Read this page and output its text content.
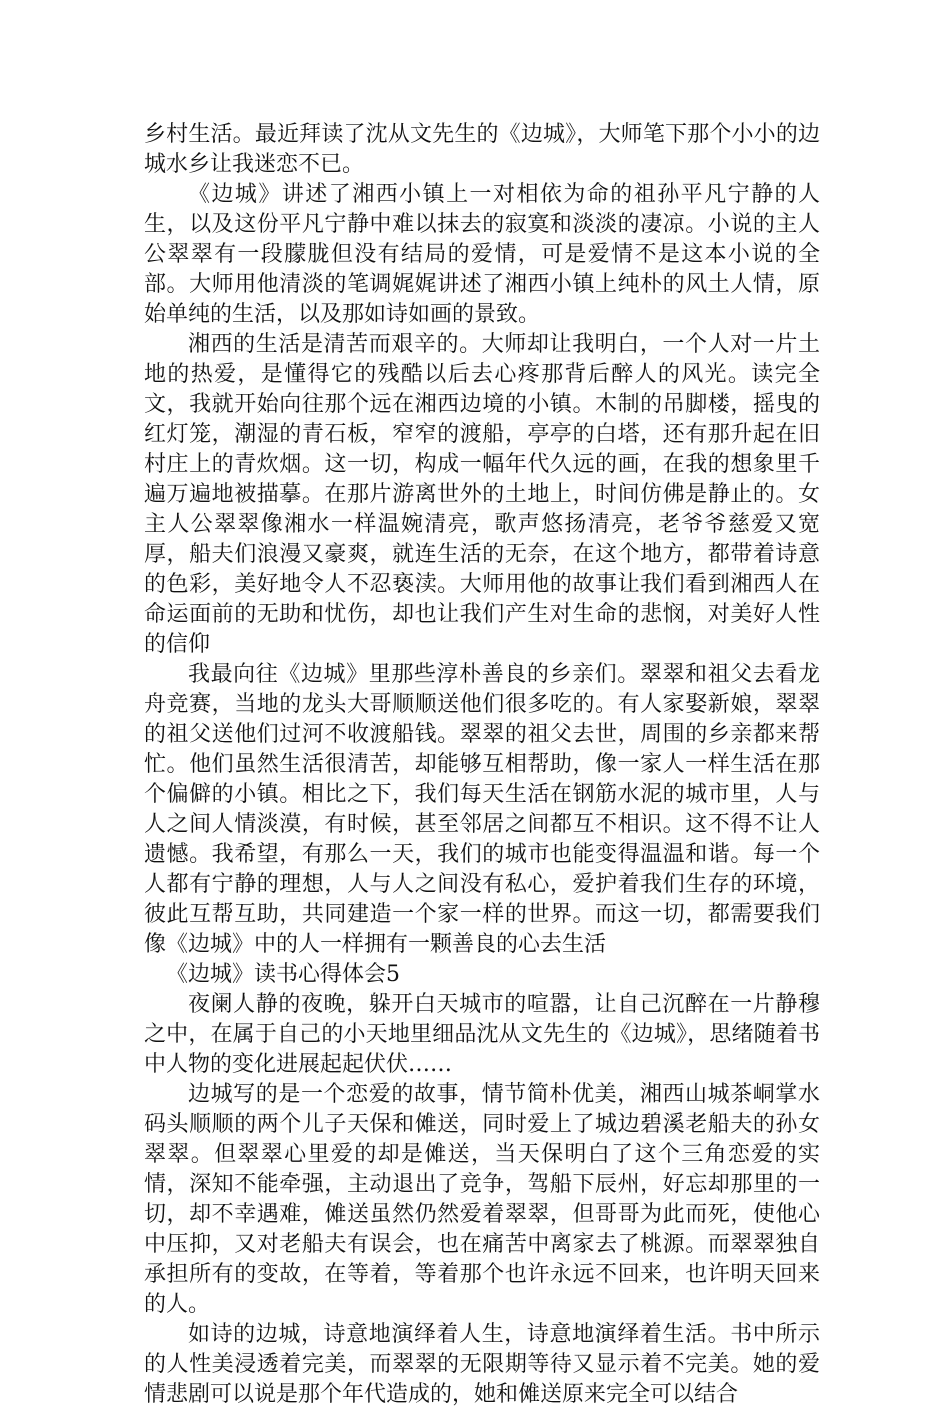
乡村生活。最近拜读了沈从文先生的《边城》，大师笔下那个小小的边城水乡让我迷恋不已。

《边城》讲述了湘西小镇上一对相依为命的祖孙平凡宁静的人生，以及这份平凡宁静中难以抹去的寂寞和淡淡的凄凉。小说的主人公翠翠有一段朦胧但没有结局的爱情，可是爱情不是这本小说的全部。大师用他清淡的笔调娓娓讲述了湘西小镇上纯朴的风土人情，原始单纯的生活，以及那如诗如画的景致。

湘西的生活是清苦而艰辛的。大师却让我明白，一个人对一片土地的热爱，是懂得它的残酷以后去心疼那背后醉人的风光。读完全文，我就开始向往那个远在湘西边境的小镇。木制的吊脚楼，摇曳的红灯笼，潮湿的青石板，窄窄的渡船，亭亭的白塔，还有那升起在旧村庄上的青炊烟。这一切，构成一幅年代久远的画，在我的想象里千遍万遍地被描摹。在那片游离世外的土地上，时间仿佛是静止的。女主人公翠翠像湘水一样温婉清亮，歌声悠扬清亮，老爷爷慈爱又宽厚，船夫们浪漫又豪爽，就连生活的无奈，在这个地方，都带着诗意的色彩，美好地令人不忍亵渎。大师用他的故事让我们看到湘西人在命运面前的无助和忧伤，却也让我们产生对生命的悲悯，对美好人性的信仰

我最向往《边城》里那些淳朴善良的乡亲们。翠翠和祖父去看龙舟竞赛，当地的龙头大哥顺顺送他们很多吃的。有人家娶新娘，翠翠的祖父送他们过河不收渡船钱。翠翠的祖父去世，周围的乡亲都来帮忙。他们虽然生活很清苦，却能够互相帮助，像一家人一样生活在那个偏僻的小镇。相比之下，我们每天生活在钢筋水泥的城市里，人与人之间人情淡漠，有时候，甚至邻居之间都互不相识。这不得不让人遗憾。我希望，有那么一天，我们的城市也能变得温温和谐。每一个人都有宁静的理想，人与人之间没有私心，爱护着我们生存的环境，彼此互帮互助，共同建造一个家一样的世界。而这一切，都需要我们像《边城》中的人一样拥有一颗善良的心去生活

《边城》读书心得体会5

夜阑人静的夜晚，躲开白天城市的喧嚣，让自己沉醉在一片静穆之中，在属于自己的小天地里细品沈从文先生的《边城》，思绪随着书中人物的变化进展起起伏伏……

边城写的是一个恋爱的故事，情节简朴优美，湘西山城茶峒掌水码头顺顺的两个儿子天保和傩送，同时爱上了城边碧溪老船夫的孙女翠翠。但翠翠心里爱的却是傩送，当天保明白了这个三角恋爱的实情，深知不能牵强，主动退出了竞争，驾船下辰州，好忘却那里的一切，却不幸遇难，傩送虽然仍然爱着翠翠，但哥哥为此而死，使他心中压抑，又对老船夫有误会，也在痛苦中离家去了桃源。而翠翠独自承担所有的变故，在等着，等着那个也许永远不回来，也许明天回来的人。

如诗的边城，诗意地演绎着人生，诗意地演绎着生活。书中所示的人性美浸透着完美，而翠翠的无限期等待又显示着不完美。她的爱情悲剧可以说是那个年代造成的，她和傩送原来完全可以结合
